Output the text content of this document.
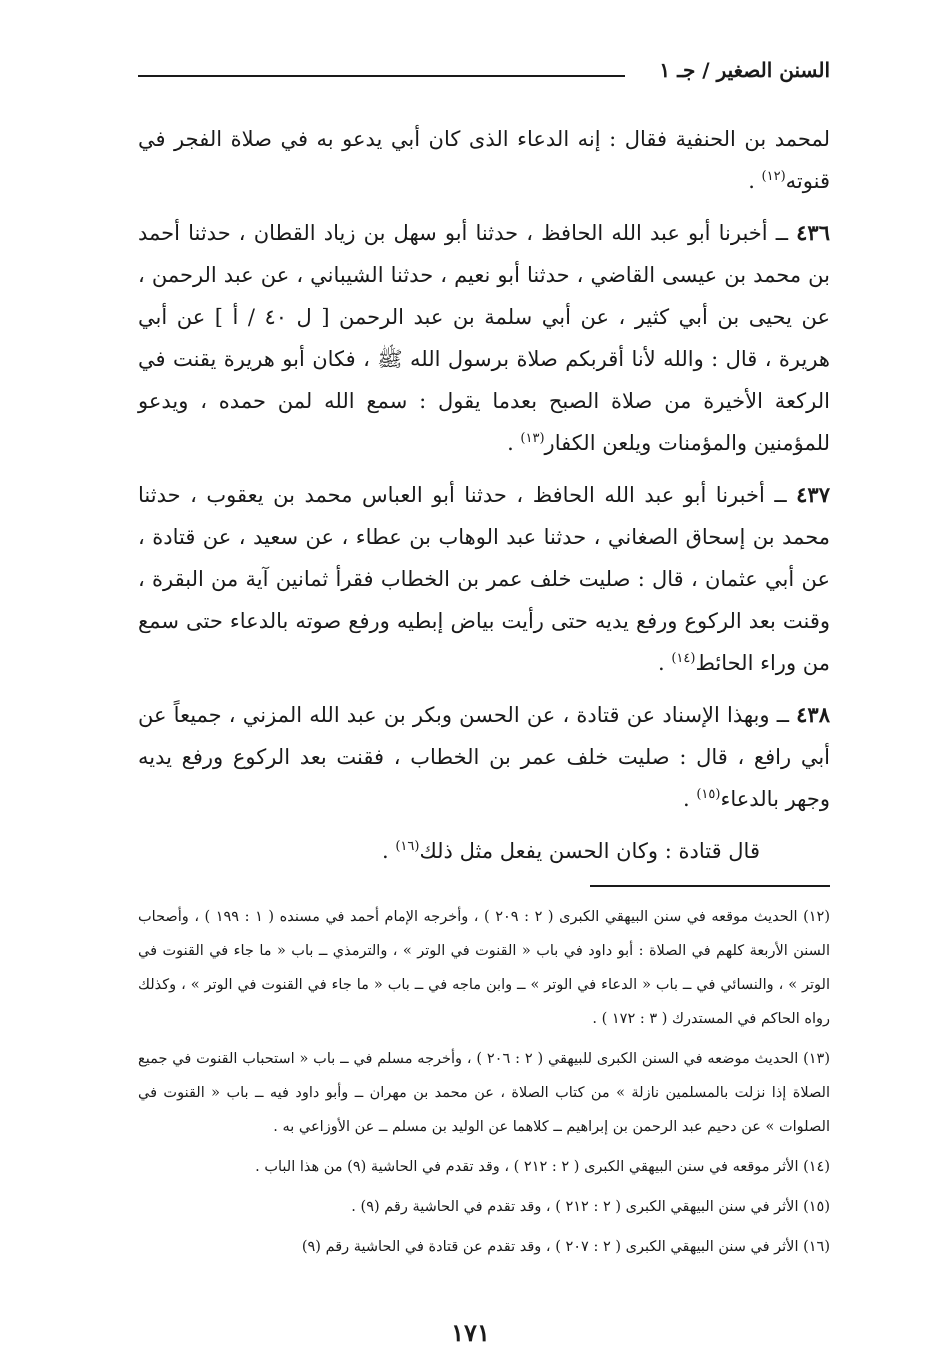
السنن الصغير / جـ ١

لمحمد بن الحنفية فقال : إنه الدعاء الذى كان أبي يدعو به في صلاة الفجر في قنوته$^{(١٢)}$ .

٤٣٦ ــ أخبرنا أبو عبد الله الحافظ ، حدثنا أبو سهل بن زياد القطان ، حدثنا أحمد بن محمد بن عيسى القاضي ، حدثنا أبو نعيم ، حدثنا الشيباني ، عن عبد الرحمن ، عن يحيى بن أبي كثير ، عن أبي سلمة بن عبد الرحمن [ ل ٤٠ / أ ] عن أبي هريرة ، قال : والله لأنا أقربكم صلاة برسول الله ﷺ ، فكان أبو هريرة يقنت في الركعة الأخيرة من صلاة الصبح بعدما يقول : سمع الله لمن حمده ، ويدعو للمؤمنين والمؤمنات ويلعن الكفار$^{(١٣)}$ .

٤٣٧ ــ أخبرنا أبو عبد الله الحافظ ، حدثنا أبو العباس محمد بن يعقوب ، حدثنا محمد بن إسحاق الصغاني ، حدثنا عبد الوهاب بن عطاء ، عن سعيد ، عن قتادة ، عن أبي عثمان ، قال : صليت خلف عمر بن الخطاب فقرأ ثمانين آية من البقرة ، وقنت بعد الركوع ورفع يديه حتى رأيت بياض إبطيه ورفع صوته بالدعاء حتى سمع من وراء الحائط$^{(١٤)}$ .

٤٣٨ ــ وبهذا الإسناد عن قتادة ، عن الحسن وبكر بن عبد الله المزني ، جميعاً عن أبي رافع ، قال : صليت خلف عمر بن الخطاب ، فقنت بعد الركوع ورفع يديه وجهر بالدعاء$^{(١٥)}$ .

قال قتادة : وكان الحسن يفعل مثل ذلك$^{(١٦)}$ .

(١٢) الحديث موقعه في سنن البيهقي الكبرى ( ٢ : ٢٠٩ ) ، وأخرجه الإمام أحمد في مسنده ( ١ : ١٩٩ ) ، وأصحاب السنن الأربعة كلهم في الصلاة : أبو داود في باب « القنوت في الوتر » ، والترمذي ــ باب « ما جاء في القنوت في الوتر » ، والنسائي في ــ باب « الدعاء في الوتر » ــ وابن ماجه في ــ باب « ما جاء في القنوت في الوتر » ، وكذلك رواه الحاكم في المستدرك ( ٣ : ١٧٢ ) .

(١٣) الحديث موضعه في السنن الكبرى للبيهقي ( ٢ : ٢٠٦ ) ، وأخرجه مسلم في ــ باب « استحباب القنوت في جميع الصلاة إذا نزلت بالمسلمين نازلة » من كتاب الصلاة ، عن محمد بن مهران ــ وأبو داود فيه ــ باب « القنوت في الصلوات » عن دحيم عبد الرحمن بن إبراهيم ــ كلاهما عن الوليد بن مسلم ــ عن الأوزاعي به .

(١٤) الأثر موقعه في سنن البيهقي الكبرى ( ٢ : ٢١٢ ) ، وقد تقدم في الحاشية (٩) من هذا الباب .

(١٥) الأثر في سنن البيهقي الكبرى ( ٢ : ٢١٢ ) ، وقد تقدم في الحاشية رقم (٩) .

(١٦) الأثر في سنن البيهقي الكبرى ( ٢ : ٢٠٧ ) ، وقد تقدم عن قتادة في الحاشية رقم (٩)

١٧١
